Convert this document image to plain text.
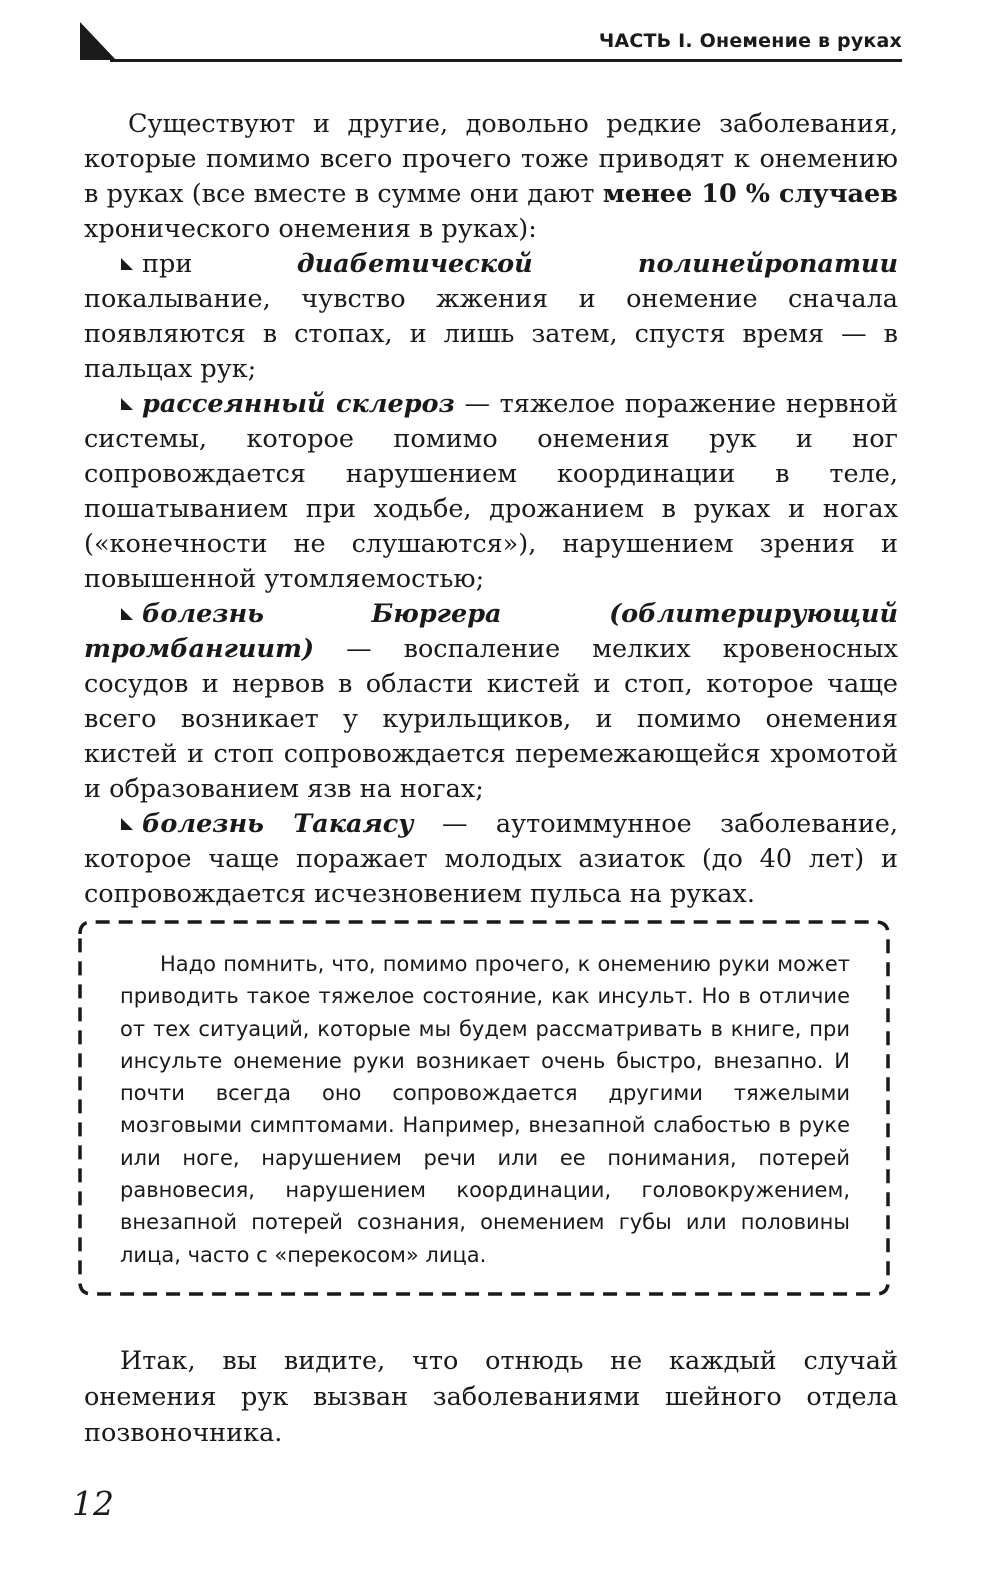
ЧАСТЬ I. Онемение в руках

Существуют и другие, довольно редкие заболевания, которые помимо всего прочего тоже приводят к онемению в руках (все вместе в сумме они дают менее 10 % случаев хронического онемения в руках):

при диабетической полинейропатии покалывание, чувство жжения и онемение сначала появляются в стопах, и лишь затем, спустя время — в пальцах рук;

рассеянный склероз — тяжелое поражение нервной системы, которое помимо онемения рук и ног сопровождается нарушением координации в теле, пошатыванием при ходьбе, дрожанием в руках и ногах («конечности не слушаются»), нарушением зрения и повышенной утомляемостью;

болезнь Бюргера (облитерирующий тромбангиит) — воспаление мелких кровеносных сосудов и нервов в области кистей и стоп, которое чаще всего возникает у курильщиков, и помимо онемения кистей и стоп сопровождается перемежающейся хромотой и образованием язв на ногах;

болезнь Такаясу — аутоиммунное заболевание, которое чаще поражает молодых азиаток (до 40 лет) и сопровождается исчезновением пульса на руках.

Надо помнить, что, помимо прочего, к онемению руки может приводить такое тяжелое состояние, как инсульт. Но в отличие от тех ситуаций, которые мы будем рассматривать в книге, при инсульте онемение руки возникает очень быстро, внезапно. И почти всегда оно сопровождается другими тяжелыми мозговыми симптомами. Например, внезапной слабостью в руке или ноге, нарушением речи или ее понимания, потерей равновесия, нарушением координации, головокружением, внезапной потерей сознания, онемением губы или половины лица, часто с «перекосом» лица.

Итак, вы видите, что отнюдь не каждый случай онемения рук вызван заболеваниями шейного отдела позвоночника.

12
